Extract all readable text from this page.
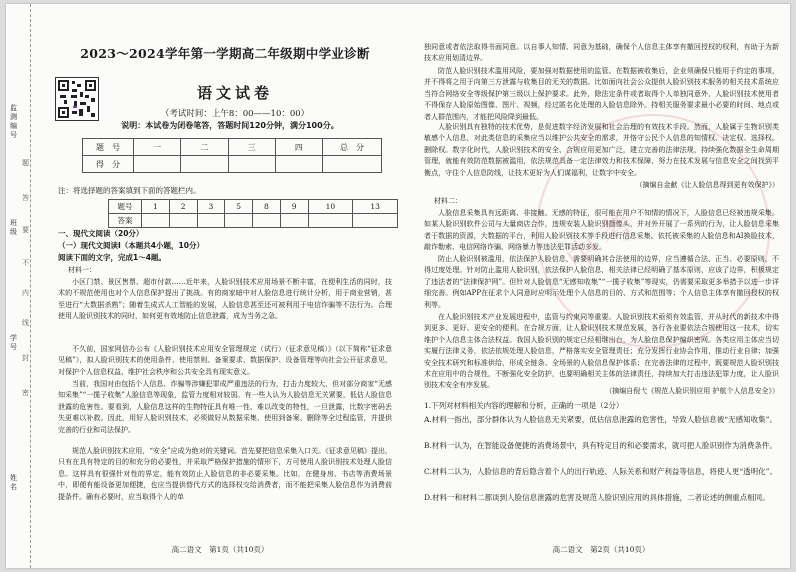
监测编号
班级
学号
姓名
题
答
要
不
内
线
封
密
中考
2023～2024学年第一学期高二年级期中学业诊断
语文试卷
（考试时间：上午8：00——10：00）
说明：本试卷为闭卷笔答，答题时间120分钟，满分100分。
题　号	一	二	三	四	总　分
得　分					
注：将选择题的答案填到下面的答题栏内。
题号	1	2	3	5	8	9	10	13
答案								
一、现代文阅读（20分）
（一）现代文阅读Ⅰ（本题共4小题，10分）
阅读下面的文字，完成1～4题。
材料一：
小区门禁、景区售票、超市付款……近年来，人脸识别技术应用场景不断丰富，在便利生活的同时，技术的不规范使用也对个人信息保护提出了挑战。有的商家暗中对人脸信息进行统计分析，用于商业营销，甚至进行“大数据杀熟”；随着生成式人工智能的发展，人脸信息甚至还可被利用于电信诈骗等不法行为。合理使用人脸识别技术的同时，如何更有效地防止信息泄露，成为当务之急。
不久前，国家网信办公布《人脸识别技术应用安全管理规定（试行）（征求意见稿）》（以下简称“征求意见稿”），拟人脸识别技术的使用条件、使用禁则、备案要求、数据保护、设备管理等向社会公开征求意见，对保护个人信息权益、维护社会秩序和公共安全具有现实意义。
当前，我国对由包括个人信息、诈骗等涉嫌犯罪成严重违法的行为，打击力度较大，但对部分商家“无感知采集”“一揽子收集”人脸信息等现象，监管力度相对较弱。有一些人认为人脸信息无关紧要，低估人脸信息泄露的危害性。要看到，人脸信息这样的生物特征具有唯一性、难以改变的特性，一旦泄露，比数字密码丢失更难以补救。因此，用好人脸识别技术，必须做好从数据采集、使用到备案、删除等全过程监管，并提供完善的行业和司法保护。
规范人脸识别技术应用，“安全”应成为绝对的关键词。首先要把信息采集入口关。《征求意见稿》提出，只有在具有特定的目的和充分的必要性，并采取严格保护措施的情形下，方可使用人脸识别技术处理人脸信息。这样具有很强针对性的界定，能有效防止人脸信息的非必要采集。比如，在健身房、书店等消费场景中，即便有能设备更加便捷，也应当提供替代方式的选择权交给消费者，而不能把采集人脸信息作为消费前提条件。确有必要时，应当取得个人的单
高二语文　第1页（共10页）
独同意或者依法取得书面同意。以自事人知情、同意为基础，确保个人信息主体享有撤回授权的权利，有助于为新技术应用划清边界。
防范人脸识别技术滥用风险，要加强对数据使用的监管。在数据被收集后，企业须确保只能用于约定的事项，并不得将之用于向第三方泄露与收集目的无关的数据。比如面向社会公众提供人脸识别技术服务的相关技术系统应当符合网络安全等级保护第三级以上保护要求。此外，除法定条件或者取得个人单独同意外，人脸识别技术使用者不得保存人脸原始图像、图片、视频，经过匿名化处理的人脸信息除外。持相关服务要求最小必要的时间、地点或者人群范围内，才能把风险降到最低。
人脸识别具有独特的技术优势，是促进数字经济发展和社会治理的有效技术手段。然而，人脸属于生物识别类敏感个人信息，对此类信息的采集应当以维护公共安全的需求，并恪守公民个人信息的知情权、决定权、选择权。删除权。数字化时代，人脸识别技术的安全、合规应用更加广泛，建立完善的法律法规，持续强化数据全生命周期管理，就能有效防范数据被滥用，依法规范具备一定法律效力和技术保障，努力在技术发展与信息安全之间找到平衡点，守住个人信息防线，让技术更好为人们谋福利，让数字中安全。
（摘编自金献《让人脸信息得到更有效保护》）
材料二：
人脸信息采集具有远距离、非接触、无感的特征，很可能在用户不知情的情况下，人脸信息已经被违规采集。如某人脸识别软件公司与大量商店合作，违规安装人脸识别摄像头，并对外开展了一系列的行为，让人脸信息采集者于数据的资源，大数据的平台，利用人脸识别技术等手段进行信息采集。依托被采集的人脸信息和AI换脸技术，敲诈勒索、电信网络诈骗、网络暴力等违法犯罪活动多发。
防止人脸识别被滥用，依法保护人脸信息，需要明确其合法使用的边界，应当遵循合法、正当、必要原则，不得过度处理。针对防止滥用人脸识别，依法保护人脸信息，相关法律已经明确了基本原则，应该了边界，积极规定了违法者的“法律保护网”。但针对人脸信息“无感知收集”“一揽子收集”等现实，仍需要采取更多举措予以进一步详细完善。例如APP在征求个人同意时应明示处理个人信息的目的、方式和范围等；个人信息主体享有撤回授权的权利等。
在人脸识别技术产业发展进程中，监管与约束同等重要。人脸识别技术亟须有效监管，并从时代的新技术中得到更多、更好、更安全的便利。在合规方面，让人脸识别技术规范发展，各行各业要依法合规使用这一技术，切实维护个人信息主体合法权益。我国人脸识别的规定已经相继出台，为人脸信息保护编织密网。各类应用主体应当切实履行法律义务，依法依规处理人脸信息，严格落实安全管理责任；充分发挥行业协会作用，推动行业自律；加强安全技术研究和标准供给，形成全链条、全场景的人脸信息保护体系；在完善法律的过程中，既要规范人脸识别技术在应用中的合规性，不断强化安全防护，也要明确相关主体的法律责任，持续加大打击违法犯罪力度，让人脸识别技术安全有序发展。
（摘编自倪弋《规范人脸识别应用 护航个人信息安全》）
1.下列对材料相关内容的理解和分析，正确的一项是（2分）
A.材料一指出，部分群体认为人脸信息无关紧要，低估信息泄露的危害性，导致人脸信息被“无感知收集”。
B.材料一认为，在智能设备便捷的消费场景中，具有特定目的和必要需求，就可把人脸识别作为消费条件。
C.材料二认为，人脸信息的背后隐含着个人的出行轨迹、人际关系和财产利益等信息，将使人更“透明化”。
D.材料一和材料二都谈到人脸信息泄露的危害及规范人脸识别应用的具体措施，二者论述的侧重点相同。
高二语文　第2页（共10页）
